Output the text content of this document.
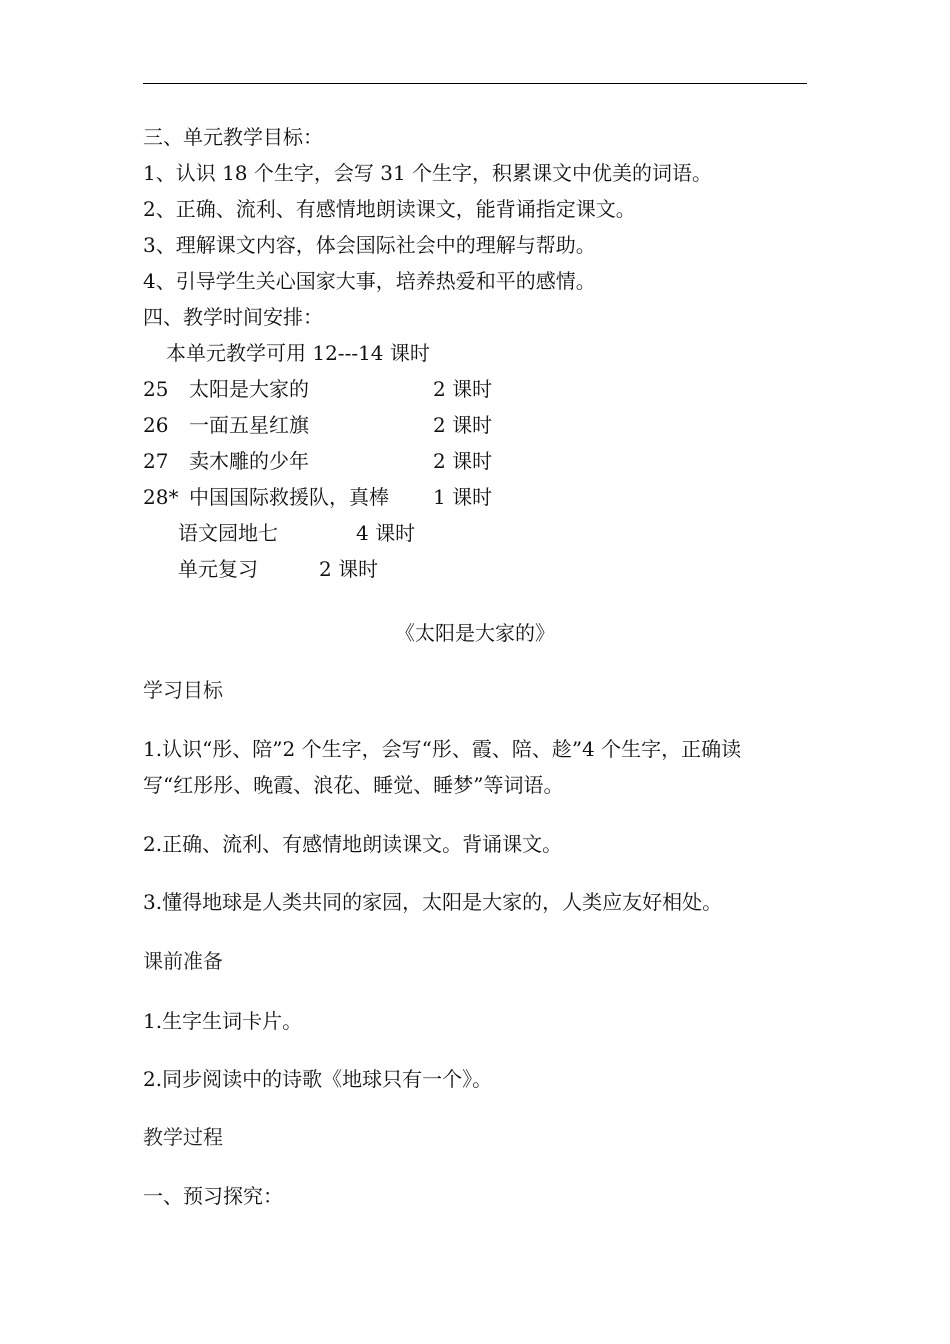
三、单元教学目标：
1、认识 18 个生字，会写 31 个生字，积累课文中优美的词语。
2、正确、流利、有感情地朗读课文，能背诵指定课文。
3、理解课文内容，体会国际社会中的理解与帮助。
4、引导学生关心国家大事，培养热爱和平的感情。
四、教学时间安排：
本单元教学可用 12---14 课时
25 太阳是大家的	2 课时
26 一面五星红旗	2 课时
27 卖木雕的少年	2 课时
28* 中国国际救援队，真棒 1 课时
语文园地七	4 课时
单元复习	2 课时
《太阳是大家的》
学习目标
1.认识“彤、陪”2 个生字，会写“彤、霞、陪、趁”4 个生字，正确读
写“红彤彤、晚霞、浪花、睡觉、睡梦”等词语。
2.正确、流利、有感情地朗读课文。背诵课文。
3.懂得地球是人类共同的家园，太阳是大家的，人类应友好相处。
课前准备
1.生字生词卡片。
2.同步阅读中的诗歌《地球只有一个》。
教学过程
一、预习探究：
